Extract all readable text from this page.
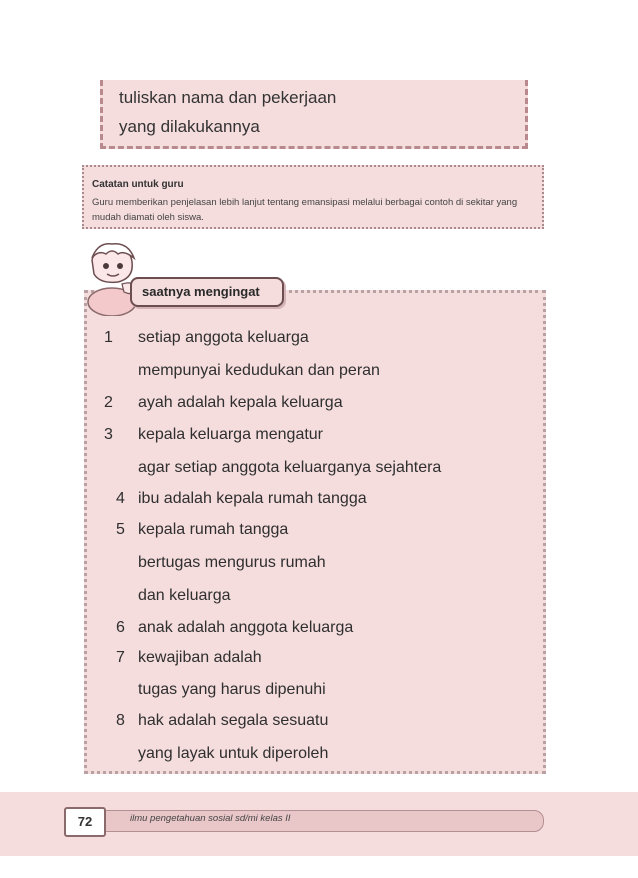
tuliskan nama dan pekerjaan
yang dilakukannya
Catatan untuk guru
Guru memberikan penjelasan lebih lanjut tentang emansipasi melalui berbagai contoh di sekitar yang mudah diamati oleh siswa.
saatnya mengingat
1 setiap anggota keluarga
mempunyai kedudukan dan peran
2 ayah adalah kepala keluarga
3 kepala keluarga mengatur
agar setiap anggota keluarganya sejahtera
4 ibu adalah kepala rumah tangga
5 kepala rumah tangga
bertugas mengurus rumah
dan keluarga
6 anak adalah anggota keluarga
7 kewajiban adalah
tugas yang harus dipenuhi
8 hak adalah segala sesuatu
yang layak untuk diperoleh
72	ilmu pengetahuan sosial sd/mi kelas II
